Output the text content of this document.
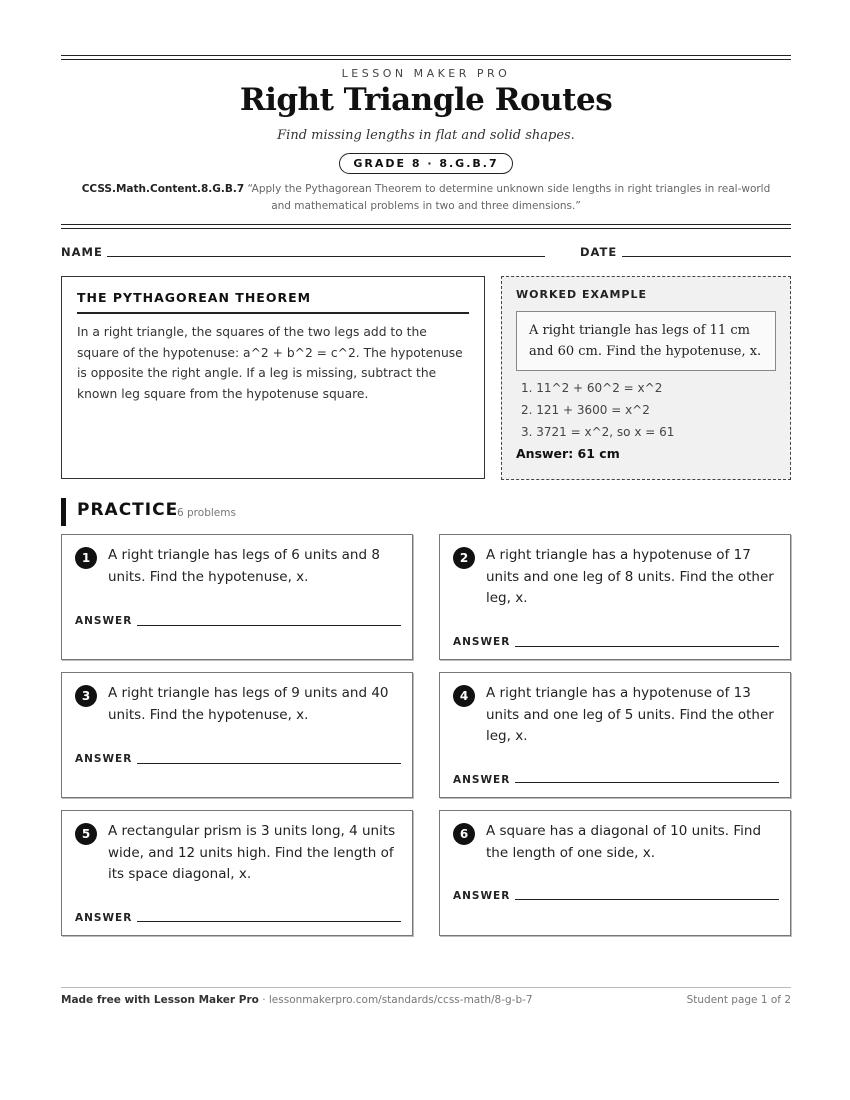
LESSON MAKER PRO
Right Triangle Routes
Find missing lengths in flat and solid shapes.
GRADE 8 · 8.G.B.7
CCSS.Math.Content.8.G.B.7 “Apply the Pythagorean Theorem to determine unknown side lengths in right triangles in real-world and mathematical problems in two and three dimensions.”
NAME	DATE
THE PYTHAGOREAN THEOREM

In a right triangle, the squares of the two legs add to the square of the hypotenuse: a^2 + b^2 = c^2. The hypotenuse is opposite the right angle. If a leg is missing, subtract the known leg square from the hypotenuse square.

WORKED EXAMPLE
A right triangle has legs of 11 cm and 60 cm. Find the hypotenuse, x.
1. 11^2 + 60^2 = x^2
2. 121 + 3600 = x^2
3. 3721 = x^2, so x = 61
Answer: 61 cm
PRACTICE
6 problems
1	A right triangle has legs of 6 units and 8 units. Find the hypotenuse, x.
ANSWER
2	A right triangle has a hypotenuse of 17 units and one leg of 8 units. Find the other leg, x.
ANSWER
3	A right triangle has legs of 9 units and 40 units. Find the hypotenuse, x.
ANSWER
4	A right triangle has a hypotenuse of 13 units and one leg of 5 units. Find the other leg, x.
ANSWER
5	A rectangular prism is 3 units long, 4 units wide, and 12 units high. Find the length of its space diagonal, x.
ANSWER
6	A square has a diagonal of 10 units. Find the length of one side, x.
ANSWER
Made free with Lesson Maker Pro · lessonmakerpro.com/standards/ccss-math/8-g-b-7	Student page 1 of 2
